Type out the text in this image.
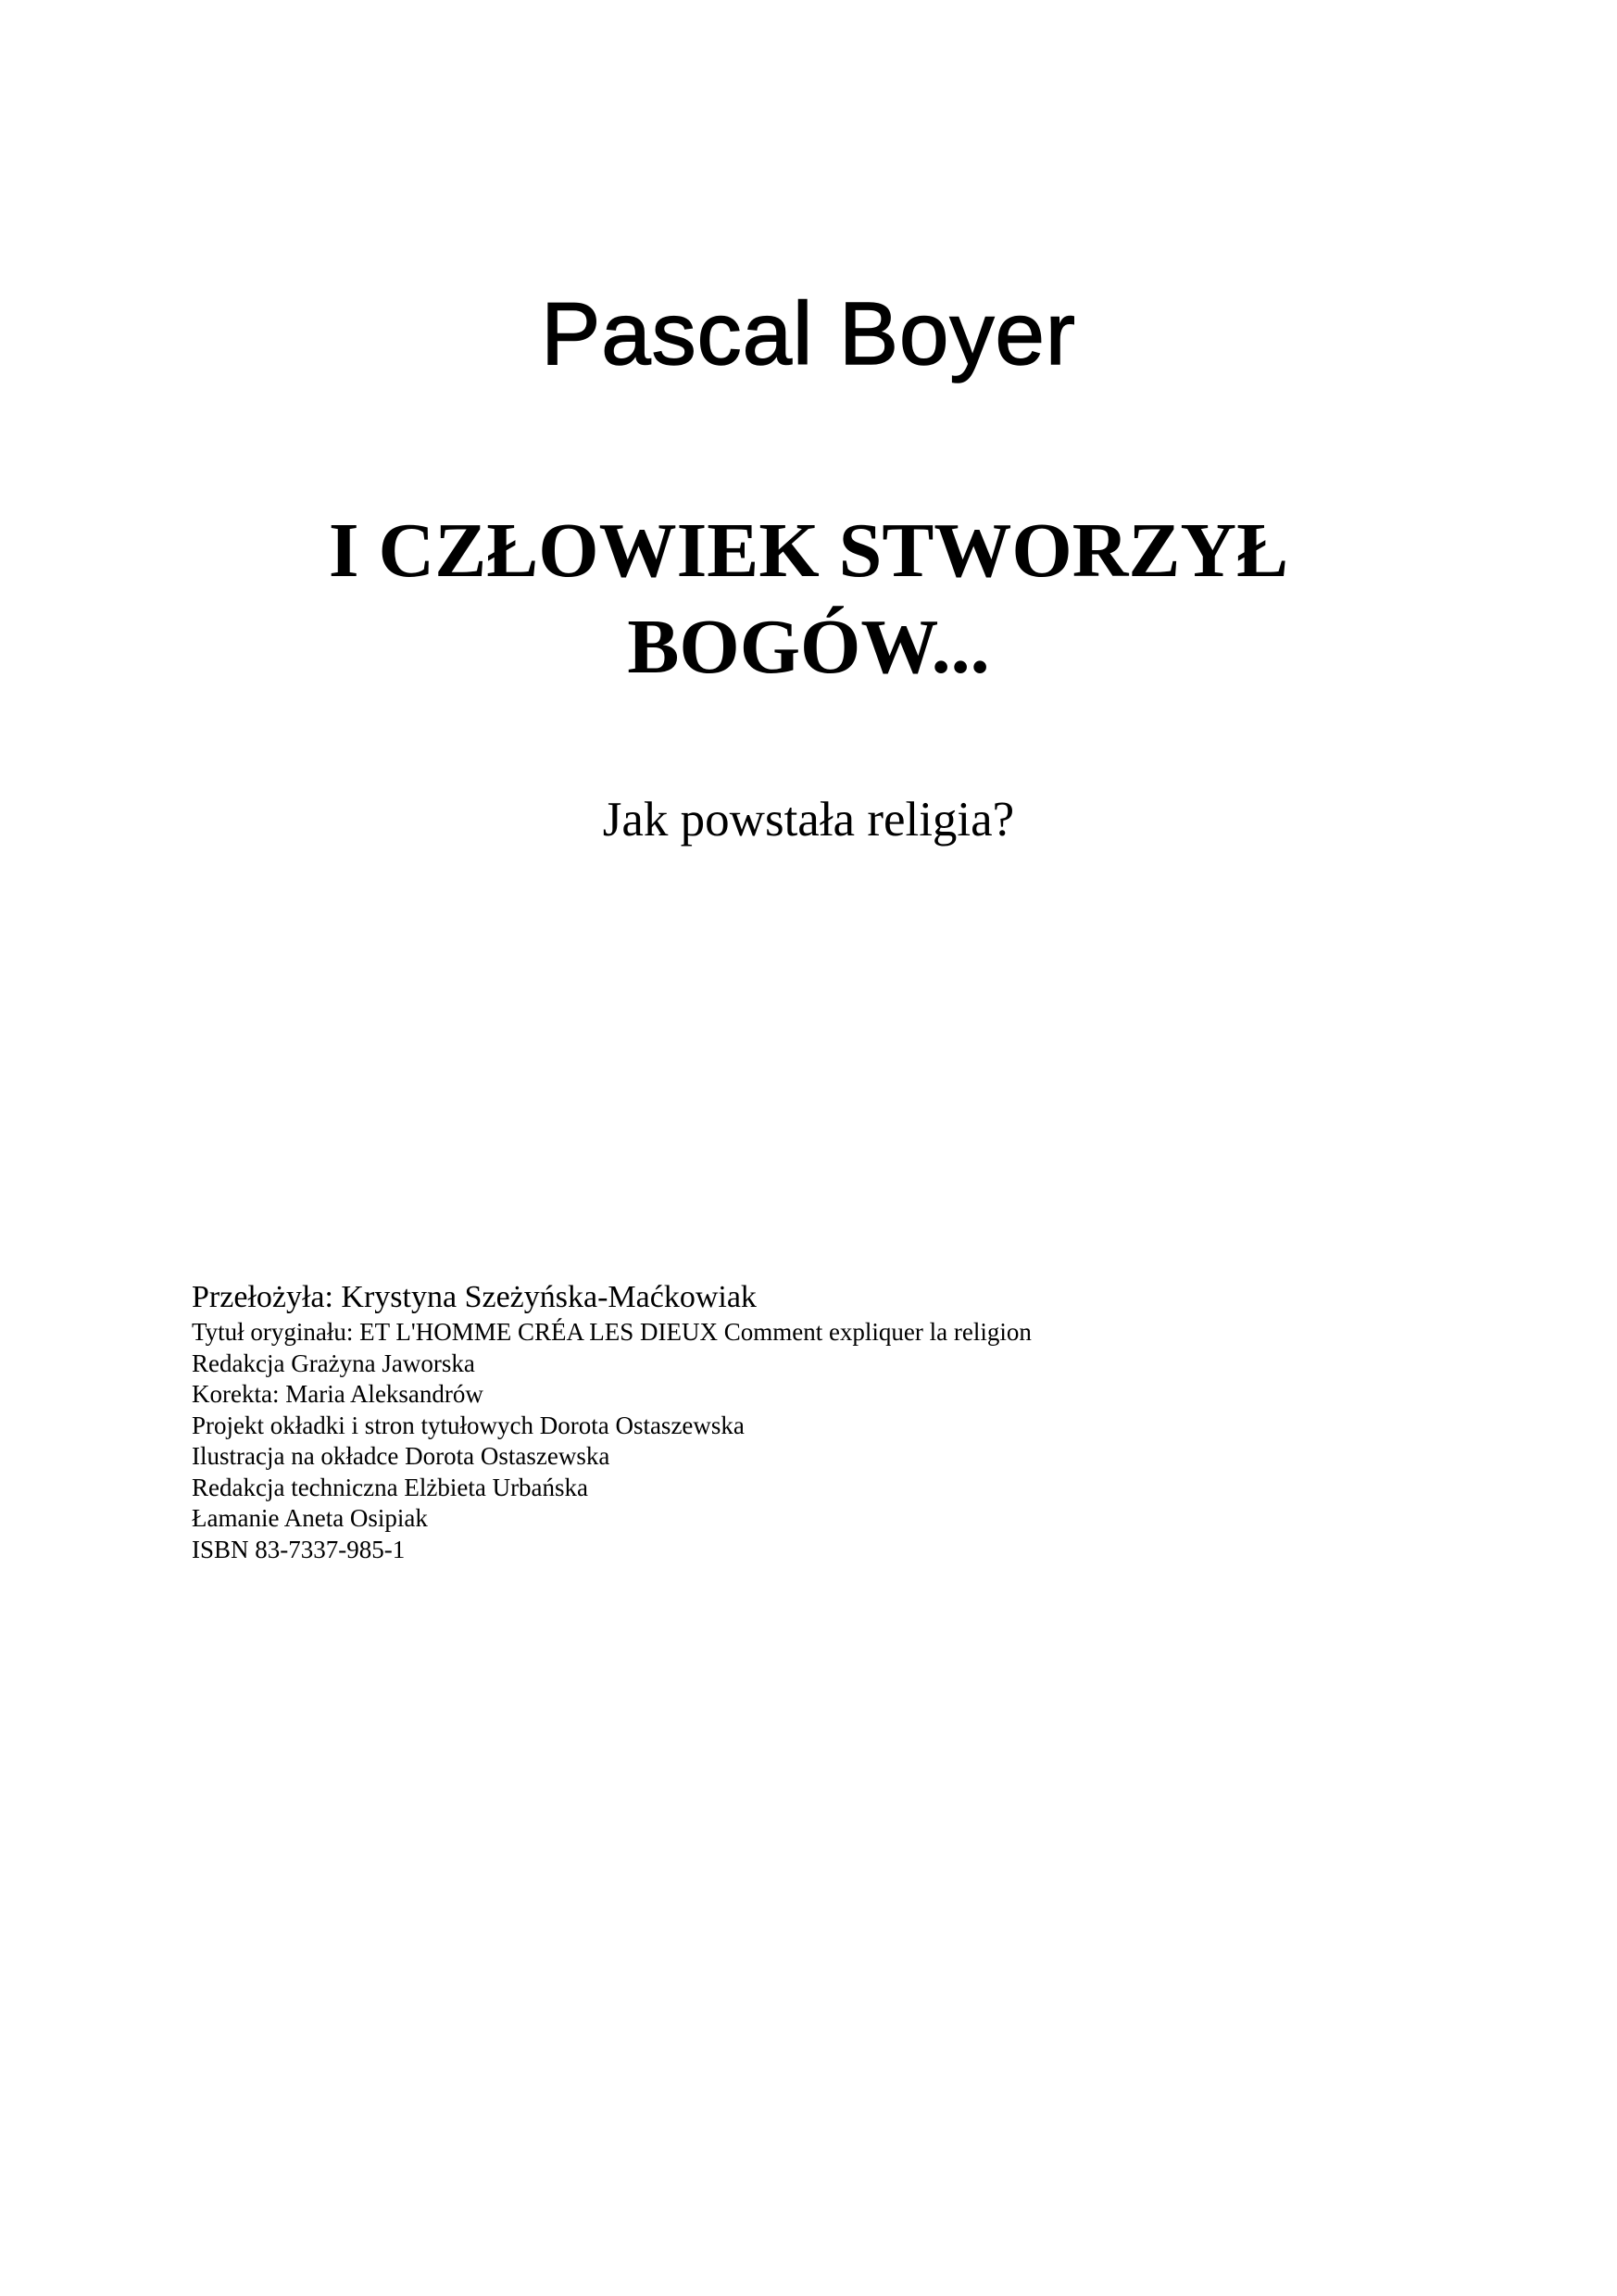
Pascal Boyer
I CZŁOWIEK STWORZYŁ
BOGÓW...
Jak powstała religia?
Przełożyła: Krystyna Szeżyńska-Maćkowiak
Tytuł oryginału: ET L'HOMME CRÉA LES DIEUX Comment expliquer la religion
Redakcja Grażyna Jaworska
Korekta: Maria Aleksandrów
Projekt okładki i stron tytułowych Dorota Ostaszewska
Ilustracja na okładce Dorota Ostaszewska
Redakcja techniczna Elżbieta Urbańska
Łamanie Aneta Osipiak
ISBN 83-7337-985-1
